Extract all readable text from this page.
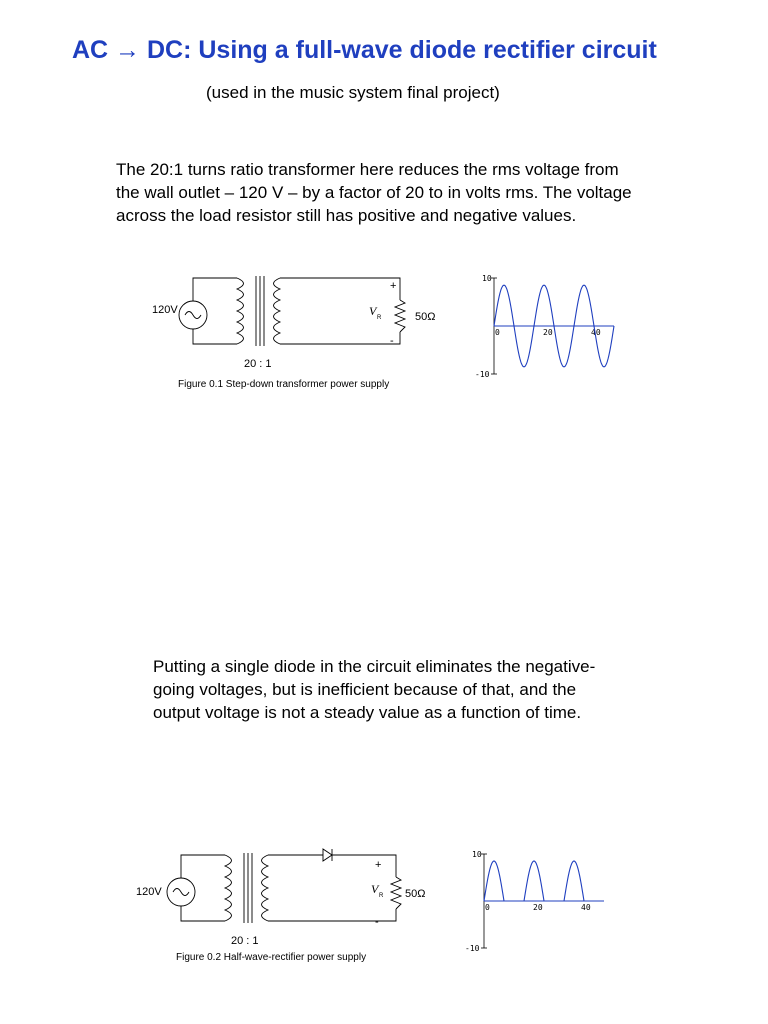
AC → DC: Using a full-wave diode rectifier circuit
(used in the music system final project)
The 20:1 turns ratio transformer here reduces the rms voltage from
the wall outlet – 120 V – by a factor of 20 to in volts rms. The voltage
across the load resistor still has positive and negative values.
120V
+
-
V R	50Ω
20 : 1
Figure 0.1 Step-down transformer power supply
10
-10
0	20	40
Putting a single diode in the circuit eliminates the negative-
going voltages, but is inefficient because of that, and the
output voltage is not a steady value as a function of time.
120V
+
-
V R 50Ω
20 : 1
Figure 0.2 Half-wave-rectifier power supply
10
-10
0	20	40
